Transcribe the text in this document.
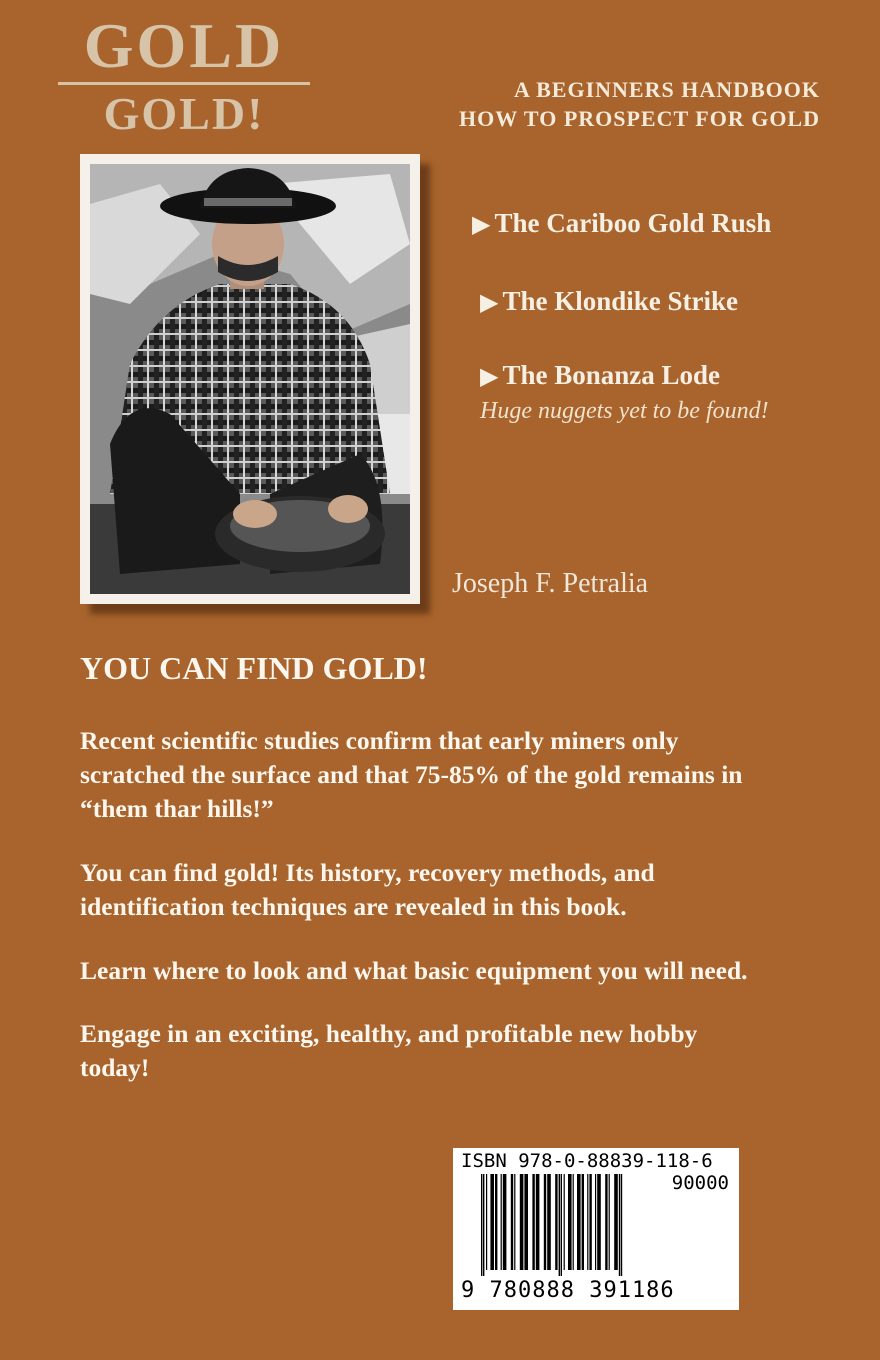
GOLD
GOLD!	A BEGINNERS HANDBOOK
HOW TO PROSPECT FOR GOLD
Joseph F. Petralia
▶ The Cariboo Gold Rush
▶ The Klondike Strike
▶ The Bonanza Lode
Huge nuggets yet to be found!
YOU CAN FIND GOLD!

Recent scientific studies confirm that early miners only scratched the surface and that 75-85% of the gold remains in “them thar hills!”

You can find gold! Its history, recovery methods, and identification techniques are revealed in this book.

Learn where to look and what basic equipment you will need.

Engage in an exciting, healthy, and profitable new hobby today!

ISBN 978-0-88839-118-6
90000
9 780888 391186
